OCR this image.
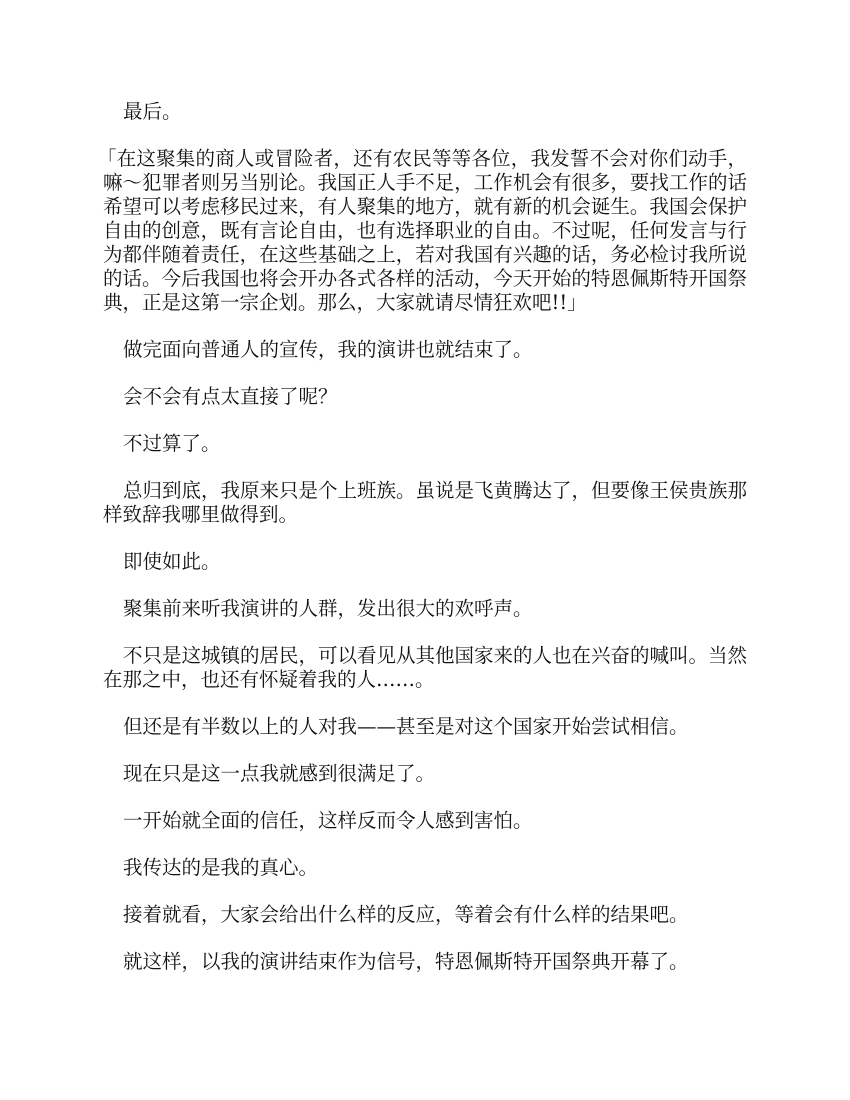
最后。

「在这聚集的商人或冒险者，还有农民等等各位，我发誓不会对你们动手，嘛～犯罪者则另当别论。我国正人手不足，工作机会有很多，要找工作的话希望可以考虑移民过来，有人聚集的地方，就有新的机会诞生。我国会保护自由的创意，既有言论自由，也有选择职业的自由。不过呢，任何发言与行为都伴随着责任，在这些基础之上，若对我国有兴趣的话，务必检讨我所说的话。今后我国也将会开办各式各样的活动，今天开始的特恩佩斯特开国祭典，正是这第一宗企划。那么，大家就请尽情狂欢吧!!」

做完面向普通人的宣传，我的演讲也就结束了。

会不会有点太直接了呢？

不过算了。

总归到底，我原来只是个上班族。虽说是飞黄腾达了，但要像王侯贵族那样致辞我哪里做得到。

即使如此。

聚集前来听我演讲的人群，发出很大的欢呼声。

不只是这城镇的居民，可以看见从其他国家来的人也在兴奋的喊叫。当然在那之中，也还有怀疑着我的人……。

但还是有半数以上的人对我——甚至是对这个国家开始尝试相信。

现在只是这一点我就感到很满足了。

一开始就全面的信任，这样反而令人感到害怕。

我传达的是我的真心。

接着就看，大家会给出什么样的反应，等着会有什么样的结果吧。

就这样，以我的演讲结束作为信号，特恩佩斯特开国祭典开幕了。
